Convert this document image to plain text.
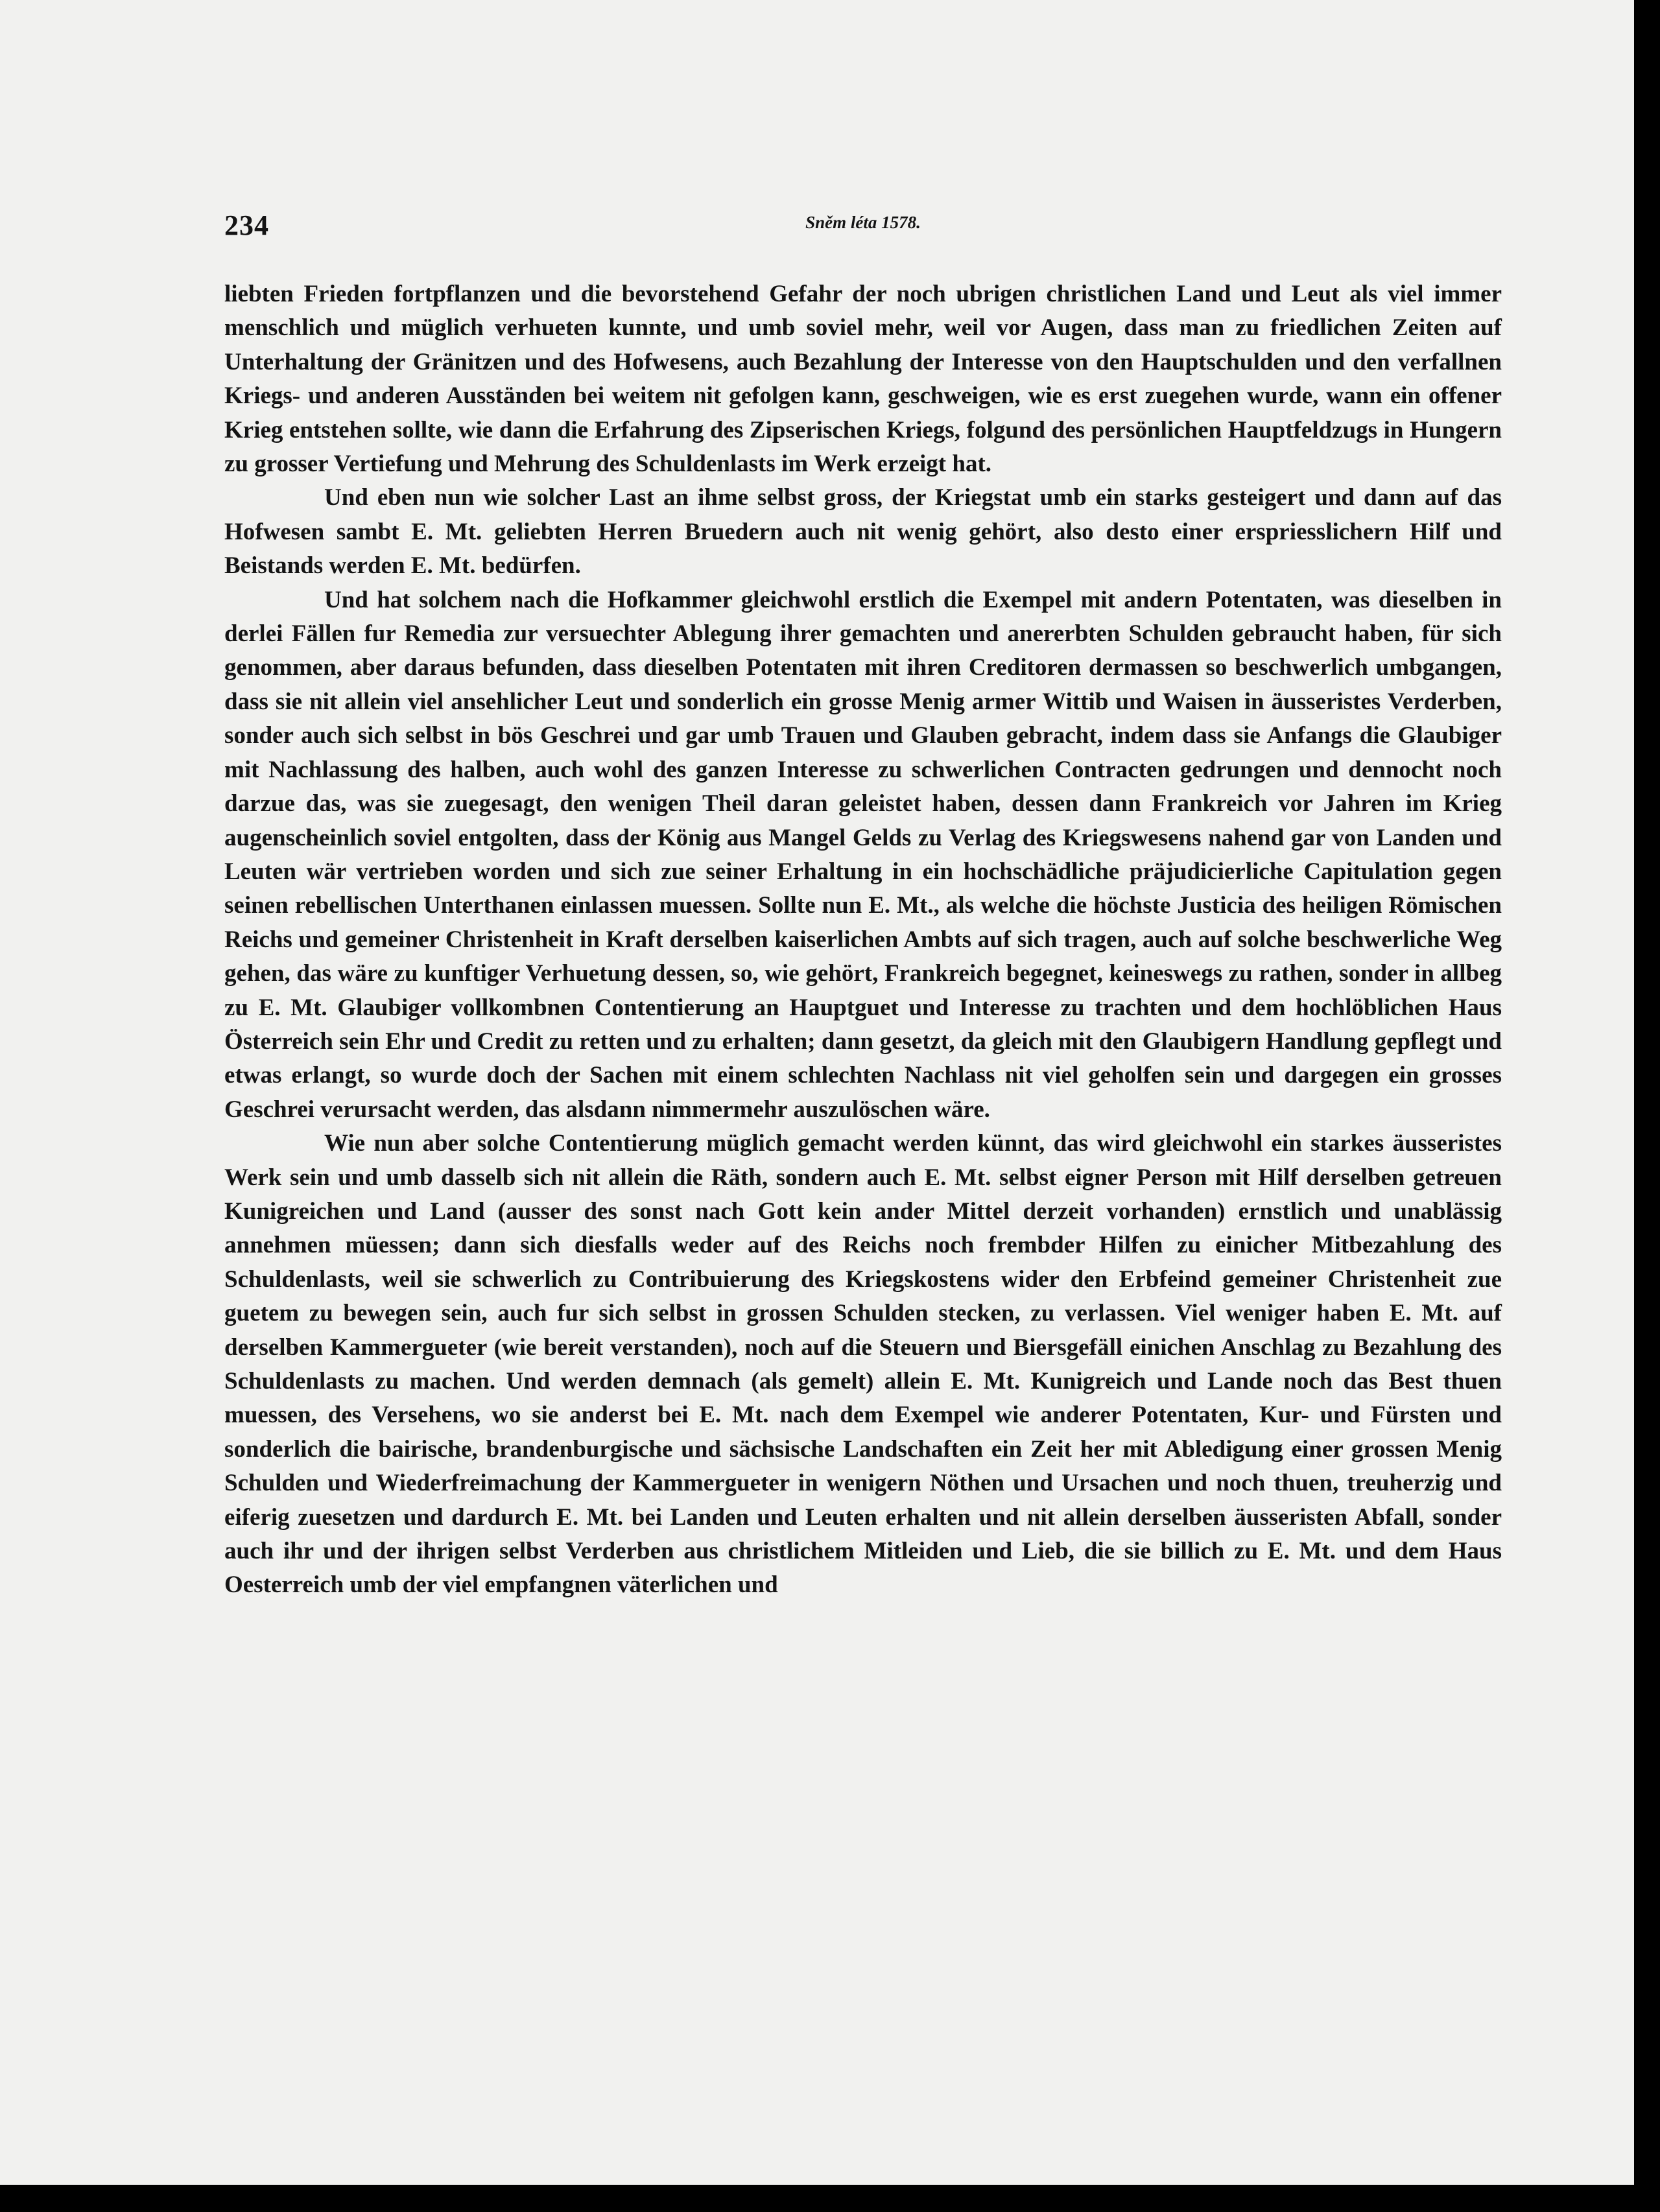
234	Sněm léta 1578.

liebten Frieden fortpflanzen und die bevorstehend Gefahr der noch ubrigen christlichen Land und Leut als viel immer menschlich und müglich verhueten kunnte, und umb soviel mehr, weil vor Augen, dass man zu friedlichen Zeiten auf Unterhaltung der Gränitzen und des Hofwesens, auch Bezahlung der Interesse von den Hauptschulden und den verfallnen Kriegs- und anderen Ausständen bei weitem nit gefolgen kann, geschweigen, wie es erst zuegehen wurde, wann ein offener Krieg entstehen sollte, wie dann die Erfahrung des Zipserischen Kriegs, folgund des persönlichen Hauptfeldzugs in Hungern zu grosser Vertiefung und Mehrung des Schuldenlasts im Werk erzeigt hat.

Und eben nun wie solcher Last an ihme selbst gross, der Kriegstat umb ein starks gesteigert und dann auf das Hofwesen sambt E. Mt. geliebten Herren Bruedern auch nit wenig gehört, also desto einer erspriesslichern Hilf und Beistands werden E. Mt. bedürfen.

Und hat solchem nach die Hofkammer gleichwohl erstlich die Exempel mit andern Potentaten, was dieselben in derlei Fällen fur Remedia zur versuechter Ablegung ihrer gemachten und anererbten Schulden gebraucht haben, für sich genommen, aber daraus befunden, dass dieselben Potentaten mit ihren Creditoren dermassen so beschwerlich umbgangen, dass sie nit allein viel ansehlicher Leut und sonderlich ein grosse Menig armer Wittib und Waisen in äusseristes Verderben, sonder auch sich selbst in bös Geschrei und gar umb Trauen und Glauben gebracht, indem dass sie Anfangs die Glaubiger mit Nachlassung des halben, auch wohl des ganzen Interesse zu schwerlichen Contracten gedrungen und dennocht noch darzue das, was sie zuegesagt, den wenigen Theil daran geleistet haben, dessen dann Frankreich vor Jahren im Krieg augenscheinlich soviel entgolten, dass der König aus Mangel Gelds zu Verlag des Kriegswesens nahend gar von Landen und Leuten wär vertrieben worden und sich zue seiner Erhaltung in ein hochschädliche präjudicierliche Capitulation gegen seinen rebellischen Unterthanen einlassen muessen. Sollte nun E. Mt., als welche die höchste Justicia des heiligen Römischen Reichs und gemeiner Christenheit in Kraft derselben kaiserlichen Ambts auf sich tragen, auch auf solche beschwerliche Weg gehen, das wäre zu kunftiger Verhuetung dessen, so, wie gehört, Frankreich begegnet, keineswegs zu rathen, sonder in allbeg zu E. Mt. Glaubiger vollkombnen Contentierung an Hauptguet und Interesse zu trachten und dem hochlöblichen Haus Österreich sein Ehr und Credit zu retten und zu erhalten; dann gesetzt, da gleich mit den Glaubigern Handlung gepflegt und etwas erlangt, so wurde doch der Sachen mit einem schlechten Nachlass nit viel geholfen sein und dargegen ein grosses Geschrei verursacht werden, das alsdann nimmermehr auszulöschen wäre.

Wie nun aber solche Contentierung müglich gemacht werden künnt, das wird gleichwohl ein starkes äusseristes Werk sein und umb dasselb sich nit allein die Räth, sondern auch E. Mt. selbst eigner Person mit Hilf derselben getreuen Kunigreichen und Land (ausser des sonst nach Gott kein ander Mittel derzeit vorhanden) ernstlich und unablässig annehmen müessen; dann sich diesfalls weder auf des Reichs noch frembder Hilfen zu einicher Mitbezahlung des Schuldenlasts, weil sie schwerlich zu Contribuierung des Kriegskostens wider den Erbfeind gemeiner Christenheit zue guetem zu bewegen sein, auch fur sich selbst in grossen Schulden stecken, zu verlassen. Viel weniger haben E. Mt. auf derselben Kammergueter (wie bereit verstanden), noch auf die Steuern und Biersgefäll einichen Anschlag zu Bezahlung des Schuldenlasts zu machen. Und werden demnach (als gemelt) allein E. Mt. Kunigreich und Lande noch das Best thuen muessen, des Versehens, wo sie anderst bei E. Mt. nach dem Exempel wie anderer Potentaten, Kur- und Fürsten und sonderlich die bairische, brandenburgische und sächsische Landschaften ein Zeit her mit Abledigung einer grossen Menig Schulden und Wiederfreimachung der Kammergueter in wenigern Nöthen und Ursachen und noch thuen, treuherzig und eiferig zuesetzen und dardurch E. Mt. bei Landen und Leuten erhalten und nit allein derselben äusseristen Abfall, sonder auch ihr und der ihrigen selbst Verderben aus christlichem Mitleiden und Lieb, die sie billich zu E. Mt. und dem Haus Oesterreich umb der viel empfangnen väterlichen und
